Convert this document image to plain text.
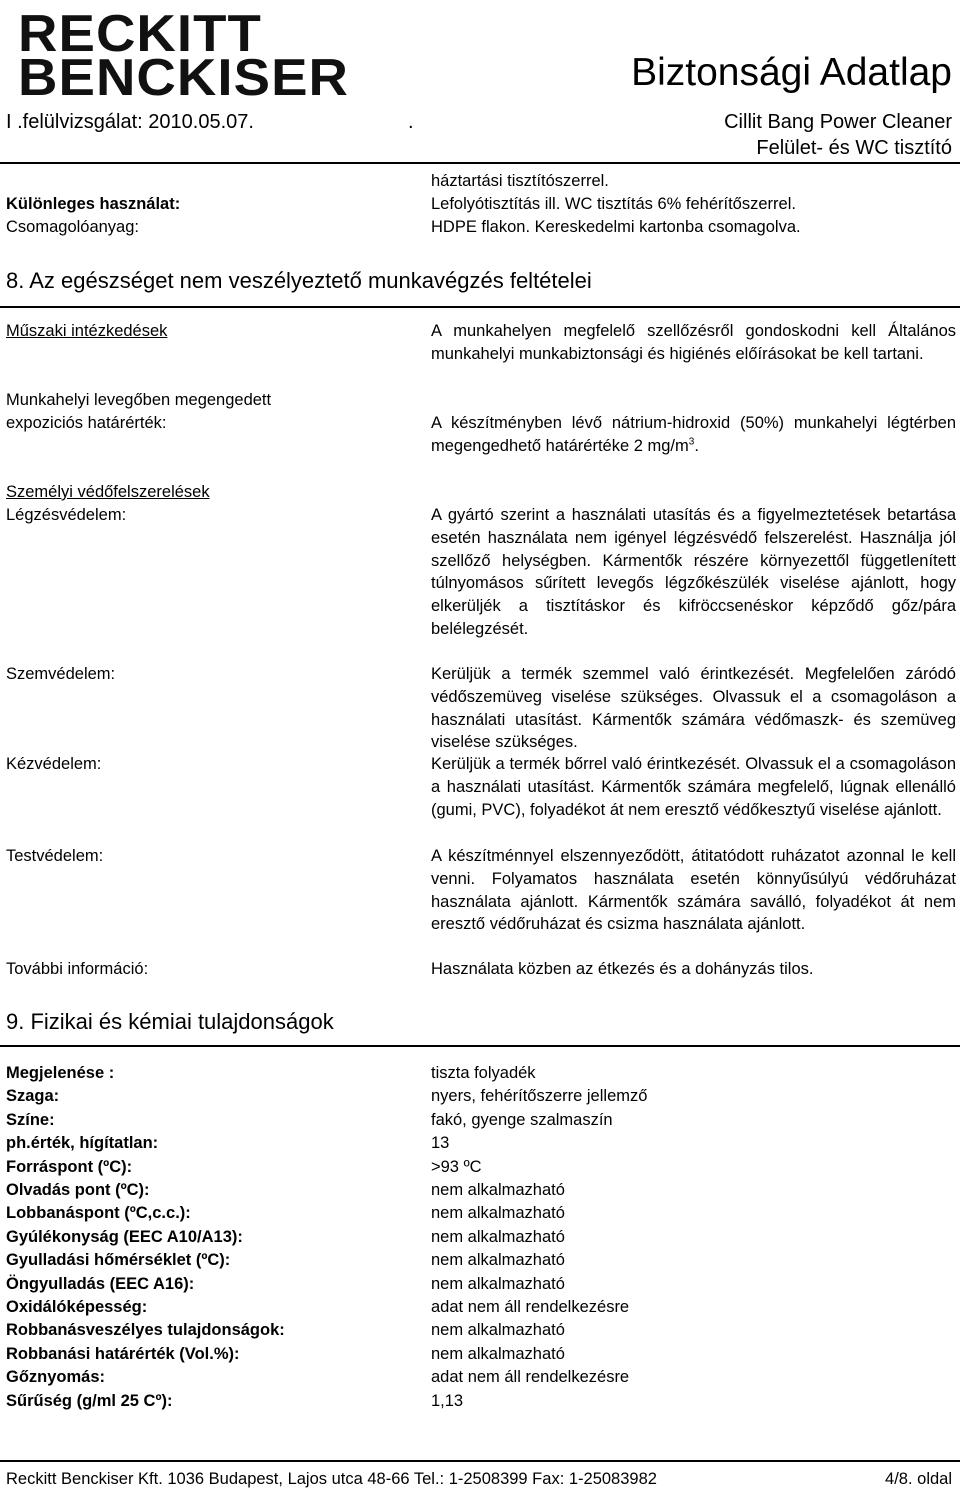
RECKITT
BENCKISER	Biztonsági Adatlap
I .felülvizsgálat: 2010.05.07.	.	Cillit Bang Power Cleaner
Felület- és WC tisztító
háztartási tisztítószerrel.
Különleges használat:	Lefolyótisztítás ill. WC tisztítás 6% fehérítőszerrel.
Csomagolóanyag:	HDPE flakon. Kereskedelmi kartonba csomagolva.
8. Az egészséget nem veszélyeztető munkavégzés feltételei
Műszaki intézkedések	A munkahelyen megfelelő szellőzésről gondoskodni kell Általános munkahelyi munkabiztonsági és higiénés előírásokat be kell tartani.
Munkahelyi levegőben megengedett
expoziciós határérték:	A készítményben lévő nátrium-hidroxid (50%) munkahelyi légtérben megengedhető határértéke 2 $mg/m^3$.
Személyi védőfelszerelések
Légzésvédelem:	A gyártó szerint a használati utasítás és a figyelmeztetések betartása esetén használata nem igényel légzésvédő felszerelést. Használja jól szellőző helységben. Kármentők részére környezettől függetlenített túlnyomásos sűrített levegős légzőkészülék viselése ajánlott, hogy elkerüljék a tisztításkor és kifröccsenéskor képződő gőz/pára belélegzését.
Szemvédelem:	Kerüljük a termék szemmel való érintkezését. Megfelelően záródó védőszemüveg viselése szükséges. Olvassuk el a csomagoláson a használati utasítást. Kármentők számára védőmaszk- és szemüveg viselése szükséges.
Kézvédelem:	Kerüljük a termék bőrrel való érintkezését. Olvassuk el a csomagoláson a használati utasítást. Kármentők számára megfelelő, lúgnak ellenálló (gumi, PVC), folyadékot át nem eresztő védőkesztyű viselése ajánlott.
Testvédelem:	A készítménnyel elszennyeződött, átitatódott ruházatot azonnal le kell venni. Folyamatos használata esetén könnyűsúlyú védőruházat használata ajánlott. Kármentők számára saválló, folyadékot át nem eresztő védőruházat és csizma használata ajánlott.
További információ:	Használata közben az étkezés és a dohányzás tilos.
9. Fizikai és kémiai tulajdonságok
Megjelenése :	tiszta folyadék
Szaga:	nyers, fehérítőszerre jellemző
Színe:	fakó, gyenge szalmaszín
ph.érték, hígítatlan:	13
Forráspont (ºC):	>93 ºC
Olvadás pont (ºC):	nem alkalmazható
Lobbanáspont (ºC,c.c.):	nem alkalmazható
Gyúlékonyság (EEC A10/A13):	nem alkalmazható
Gyulladási hőmérséklet (ºC):	nem alkalmazható
Öngyulladás (EEC A16):	nem alkalmazható
Oxidálóképesség:	adat nem áll rendelkezésre
Robbanásveszélyes tulajdonságok:	nem alkalmazható
Robbanási határérték (Vol.%):	nem alkalmazható
Gőznyomás:	adat nem áll rendelkezésre
Sűrűség (g/ml 25 Cº):	1,13
Reckitt Benckiser Kft. 1036 Budapest, Lajos utca 48-66 Tel.: 1-2508399 Fax: 1-25083982	4/8. oldal
